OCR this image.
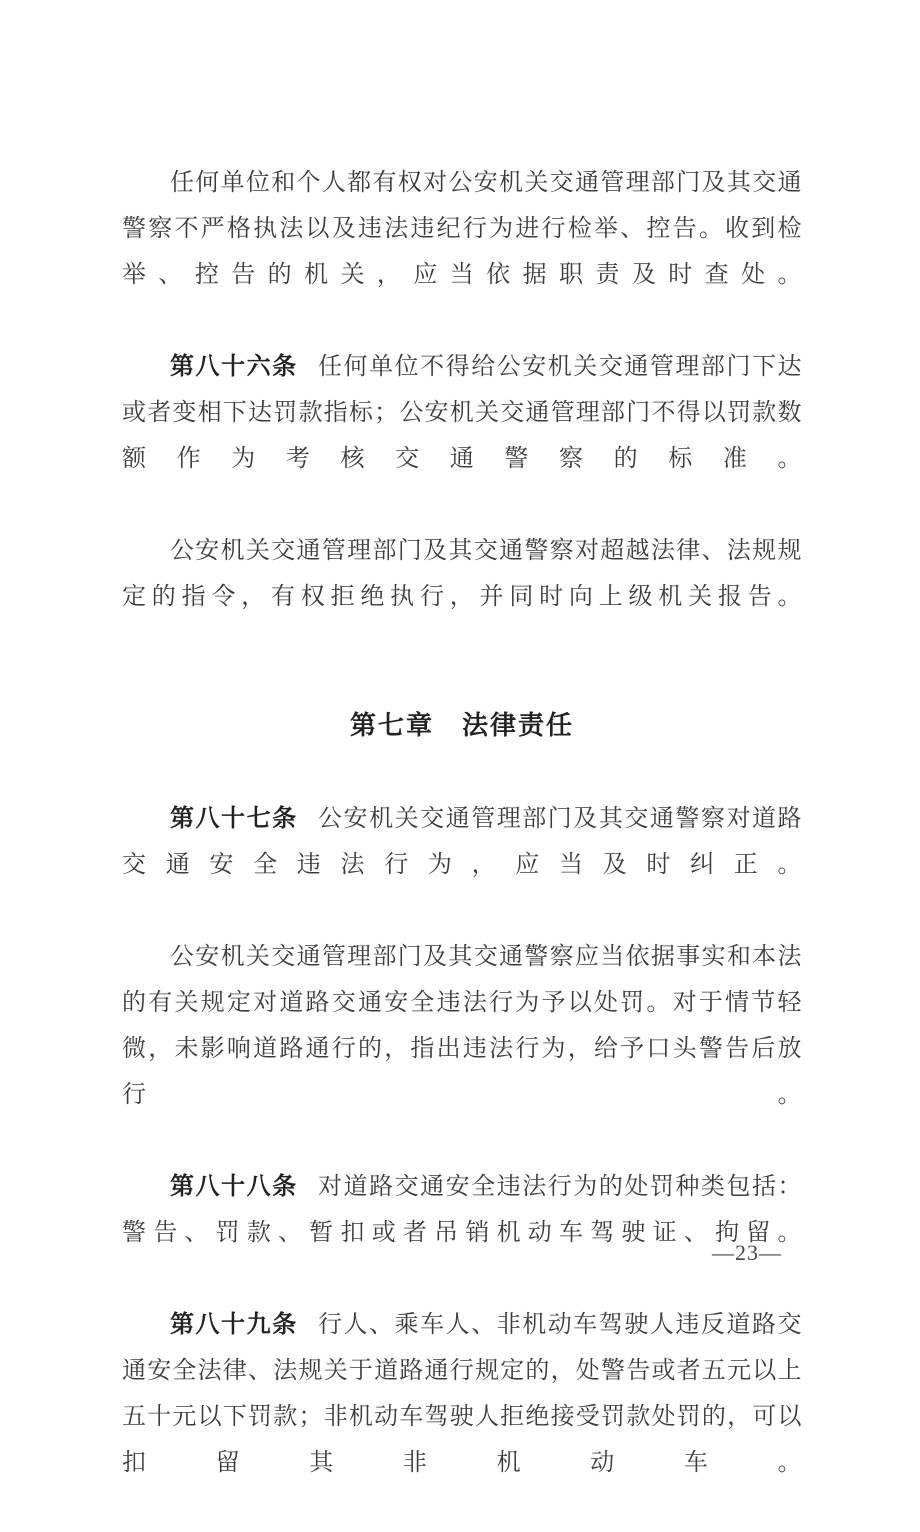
任何单位和个人都有权对公安机关交通管理部门及其交通警察不严格执法以及违法违纪行为进行检举、控告。收到检举、控告的机关，应当依据职责及时查处。

第八十六条 任何单位不得给公安机关交通管理部门下达或者变相下达罚款指标；公安机关交通管理部门不得以罚款数额作为考核交通警察的标准。

公安机关交通管理部门及其交通警察对超越法律、法规规定的指令，有权拒绝执行，并同时向上级机关报告。

第七章　法律责任

第八十七条 公安机关交通管理部门及其交通警察对道路交通安全违法行为，应当及时纠正。

公安机关交通管理部门及其交通警察应当依据事实和本法的有关规定对道路交通安全违法行为予以处罚。对于情节轻微，未影响道路通行的，指出违法行为，给予口头警告后放行。

第八十八条 对道路交通安全违法行为的处罚种类包括：警告、罚款、暂扣或者吊销机动车驾驶证、拘留。

第八十九条 行人、乘车人、非机动车驾驶人违反道路交通安全法律、法规关于道路通行规定的，处警告或者五元以上五十元以下罚款；非机动车驾驶人拒绝接受罚款处罚的，可以扣留其非机动车。

—23—
